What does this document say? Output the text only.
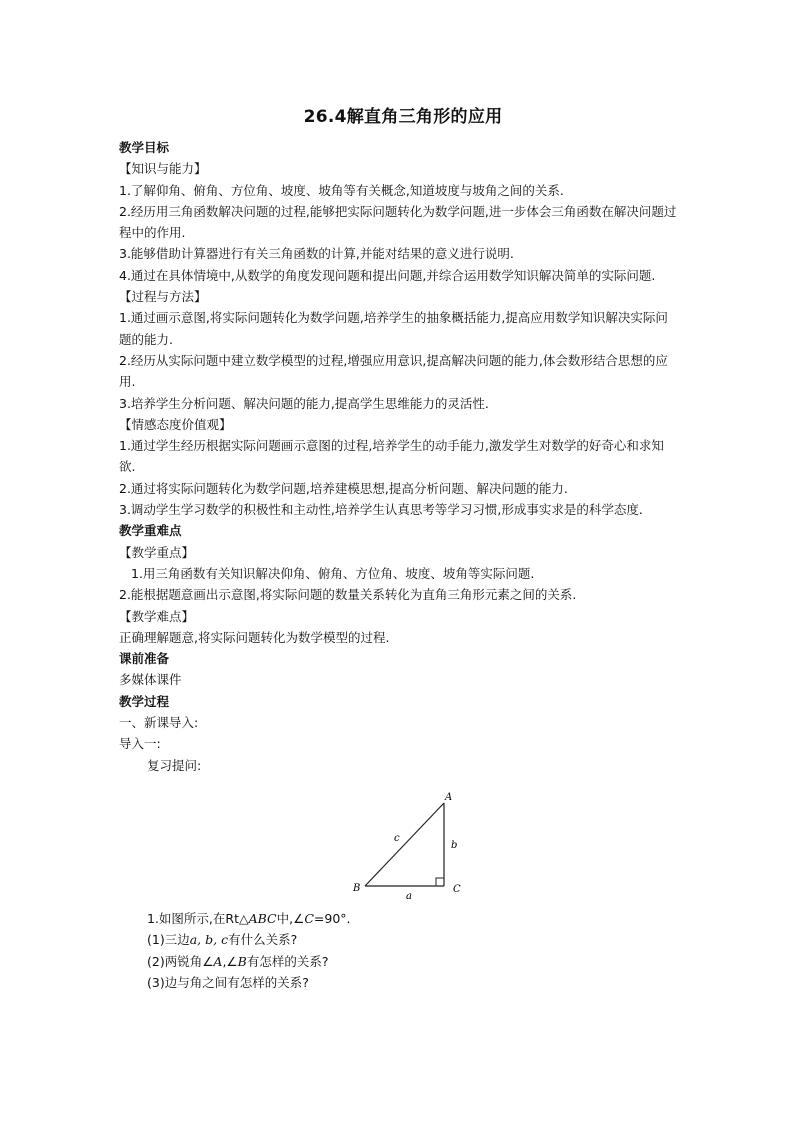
26.4解直角三角形的应用

教学目标

【知识与能力】

1.了解仰角、俯角、方位角、坡度、坡角等有关概念,知道坡度与坡角之间的关系.

2.经历用三角函数解决问题的过程,能够把实际问题转化为数学问题,进一步体会三角函数在解决问题过程中的作用.

3.能够借助计算器进行有关三角函数的计算,并能对结果的意义进行说明.

4.通过在具体情境中,从数学的角度发现问题和提出问题,并综合运用数学知识解决简单的实际问题.

【过程与方法】

1.通过画示意图,将实际问题转化为数学问题,培养学生的抽象概括能力,提高应用数学知识解决实际问题的能力.

2.经历从实际问题中建立数学模型的过程,增强应用意识,提高解决问题的能力,体会数形结合思想的应用.

3.培养学生分析问题、解决问题的能力,提高学生思维能力的灵活性.

【情感态度价值观】

1.通过学生经历根据实际问题画示意图的过程,培养学生的动手能力,激发学生对数学的好奇心和求知欲.

2.通过将实际问题转化为数学问题,培养建模思想,提高分析问题、解决问题的能力.

3.调动学生学习数学的积极性和主动性,培养学生认真思考等学习习惯,形成事实求是的科学态度.

教学重难点

【教学重点】

1.用三角函数有关知识解决仰角、俯角、方位角、坡度、坡角等实际问题.

2.能根据题意画出示意图,将实际问题的数量关系转化为直角三角形元素之间的关系.

【教学难点】

正确理解题意,将实际问题转化为数学模型的过程.

课前准备

多媒体课件

教学过程

一、新课导入:

导入一:

复习提问:

A
B	C
a
b
c

1.如图所示,在Rt△ABC中,∠C=90°.

(1)三边a, b, c有什么关系?

(2)两锐角∠A,∠B有怎样的关系?

(3)边与角之间有怎样的关系?
